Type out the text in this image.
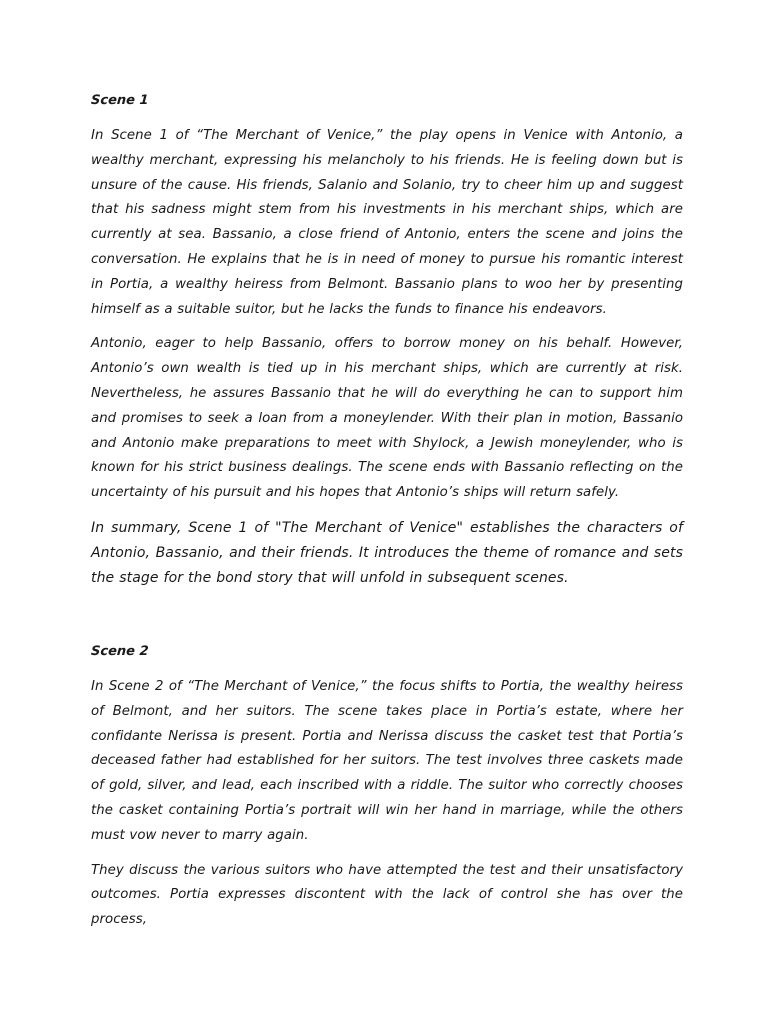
Scene 1

In Scene 1 of “The Merchant of Venice,” the play opens in Venice with Antonio, a wealthy merchant, expressing his melancholy to his friends. He is feeling down but is unsure of the cause. His friends, Salanio and Solanio, try to cheer him up and suggest that his sadness might stem from his investments in his merchant ships, which are currently at sea. Bassanio, a close friend of Antonio, enters the scene and joins the conversation. He explains that he is in need of money to pursue his romantic interest in Portia, a wealthy heiress from Belmont. Bassanio plans to woo her by presenting himself as a suitable suitor, but he lacks the funds to finance his endeavors.

Antonio, eager to help Bassanio, offers to borrow money on his behalf. However, Antonio’s own wealth is tied up in his merchant ships, which are currently at risk. Nevertheless, he assures Bassanio that he will do everything he can to support him and promises to seek a loan from a moneylender. With their plan in motion, Bassanio and Antonio make preparations to meet with Shylock, a Jewish moneylender, who is known for his strict business dealings. The scene ends with Bassanio reflecting on the uncertainty of his pursuit and his hopes that Antonio’s ships will return safely.

In summary, Scene 1 of "The Merchant of Venice" establishes the characters of Antonio, Bassanio, and their friends. It introduces the theme of romance and sets the stage for the bond story that will unfold in subsequent scenes.

Scene 2

In Scene 2 of “The Merchant of Venice,” the focus shifts to Portia, the wealthy heiress of Belmont, and her suitors. The scene takes place in Portia’s estate, where her confidante Nerissa is present. Portia and Nerissa discuss the casket test that Portia’s deceased father had established for her suitors. The test involves three caskets made of gold, silver, and lead, each inscribed with a riddle. The suitor who correctly chooses the casket containing Portia’s portrait will win her hand in marriage, while the others must vow never to marry again.

They discuss the various suitors who have attempted the test and their unsatisfactory outcomes. Portia expresses discontent with the lack of control she has over the process,
